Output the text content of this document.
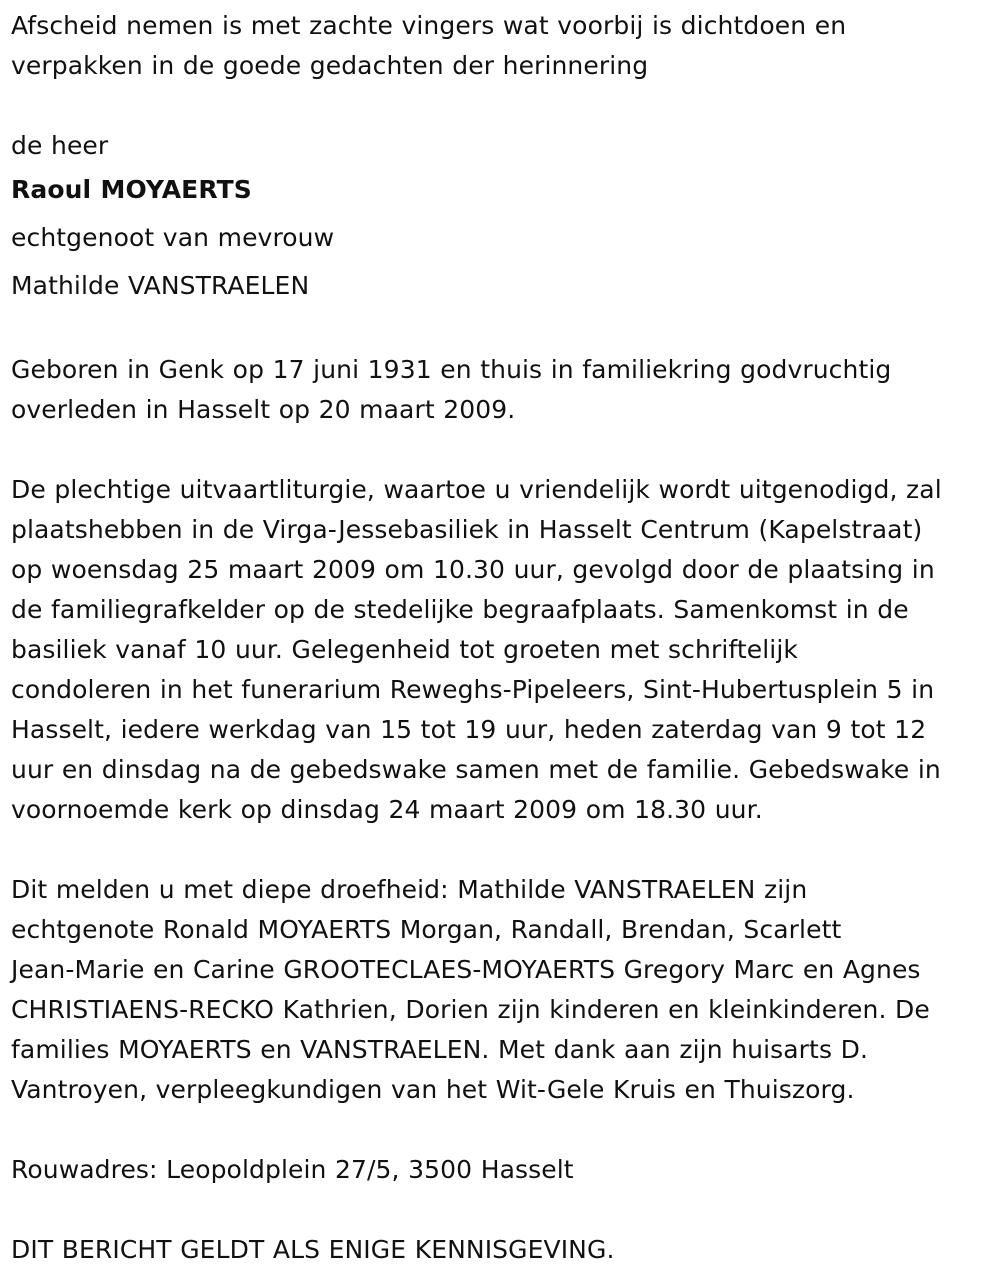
Afscheid nemen is met zachte vingers wat voorbij is dichtdoen en
verpakken in de goede gedachten der herinnering

de heer
Raoul MOYAERTS
echtgenoot van mevrouw
Mathilde VANSTRAELEN

Geboren in Genk op 17 juni 1931 en thuis in familiekring godvruchtig
overleden in Hasselt op 20 maart 2009.

De plechtige uitvaartliturgie, waartoe u vriendelijk wordt uitgenodigd, zal
plaatshebben in de Virga-Jessebasiliek in Hasselt Centrum (Kapelstraat)
op woensdag 25 maart 2009 om 10.30 uur, gevolgd door de plaatsing in
de familiegrafkelder op de stedelijke begraafplaats. Samenkomst in de
basiliek vanaf 10 uur. Gelegenheid tot groeten met schriftelijk
condoleren in het funerarium Reweghs-Pipeleers, Sint-Hubertusplein 5 in
Hasselt, iedere werkdag van 15 tot 19 uur, heden zaterdag van 9 tot 12
uur en dinsdag na de gebedswake samen met de familie. Gebedswake in
voornoemde kerk op dinsdag 24 maart 2009 om 18.30 uur.

Dit melden u met diepe droefheid: Mathilde VANSTRAELEN zijn
echtgenote Ronald MOYAERTS Morgan, Randall, Brendan, Scarlett
Jean-Marie en Carine GROOTECLAES-MOYAERTS Gregory Marc en Agnes
CHRISTIAENS-RECKO Kathrien, Dorien zijn kinderen en kleinkinderen. De
families MOYAERTS en VANSTRAELEN. Met dank aan zijn huisarts D.
Vantroyen, verpleegkundigen van het Wit-Gele Kruis en Thuiszorg.

Rouwadres: Leopoldplein 27/5, 3500 Hasselt

DIT BERICHT GELDT ALS ENIGE KENNISGEVING.
